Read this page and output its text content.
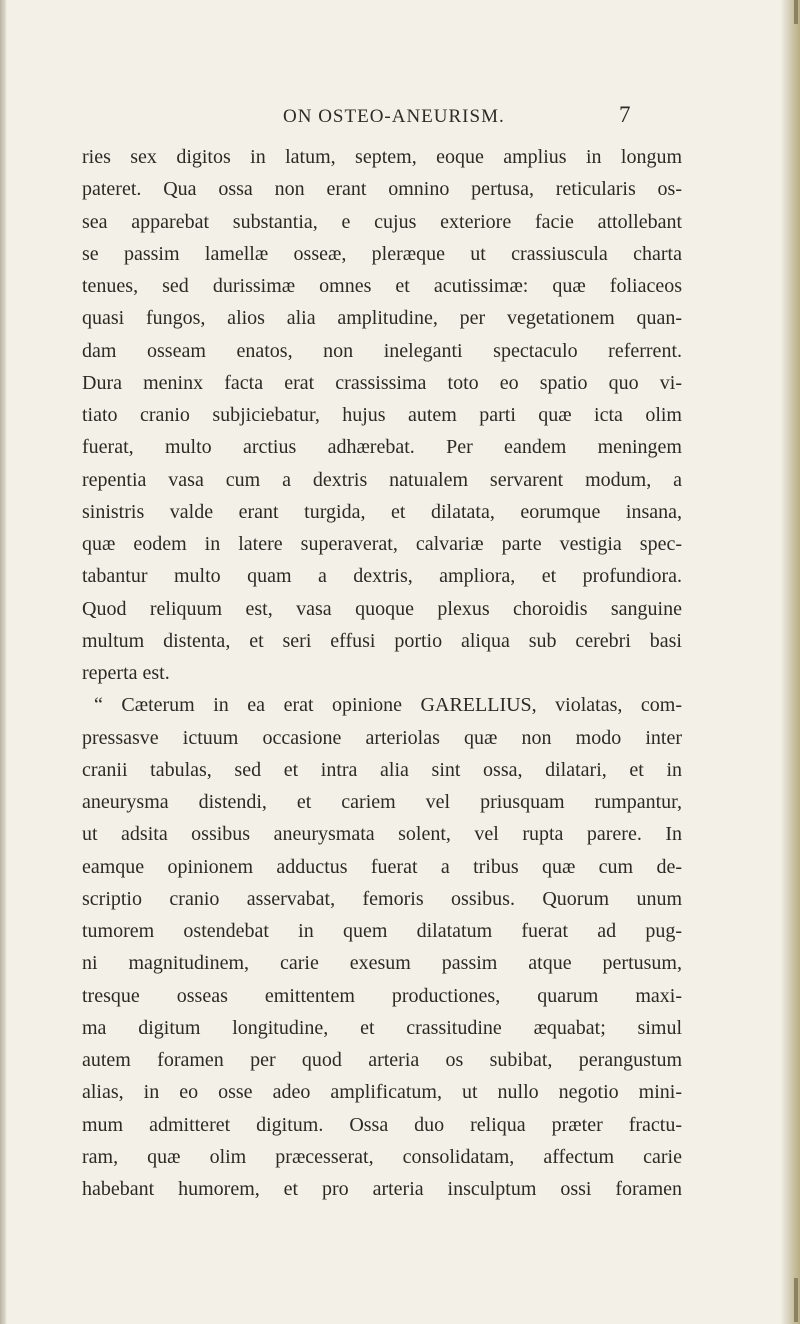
ON OSTEO-ANEURISM.	7
ries sex digitos in latum, septem, eoque amplius in longum
pateret. Qua ossa non erant omnino pertusa, reticularis os-
sea apparebat substantia, e cujus exteriore facie attollebant
se passim lamellæ osseæ, pleræque ut crassiuscula charta
tenues, sed durissimæ omnes et acutissimæ: quæ foliaceos
quasi fungos, alios alia amplitudine, per vegetationem quan-
dam osseam enatos, non ineleganti spectaculo referrent.
Dura meninx facta erat crassissima toto eo spatio quo vi-
tiato cranio subjiciebatur, hujus autem parti quæ icta olim
fuerat, multo arctius adhærebat. Per eandem meningem
repentia vasa cum a dextris natuıalem servarent modum, a
sinistris valde erant turgida, et dilatata, eorumque insana,
quæ eodem in latere superaverat, calvariæ parte vestigia spec-
tabantur multo quam a dextris, ampliora, et profundiora.
Quod reliquum est, vasa quoque plexus choroidis sanguine
multum distenta, et seri effusi portio aliqua sub cerebri basi
reperta est.
“ Cæterum in ea erat opinione GARELLIUS, violatas, com-
pressasve ictuum occasione arteriolas quæ non modo inter
cranii tabulas, sed et intra alia sint ossa, dilatari, et in
aneurysma distendi, et cariem vel priusquam rumpantur,
ut adsita ossibus aneurysmata solent, vel rupta parere. In
eamque opinionem adductus fuerat a tribus quæ cum de-
scriptio cranio asservabat, femoris ossibus. Quorum unum
tumorem ostendebat in quem dilatatum fuerat ad pug-
ni magnitudinem, carie exesum passim atque pertusum,
tresque osseas emittentem productiones, quarum maxi-
ma digitum longitudine, et crassitudine æquabat; simul
autem foramen per quod arteria os subibat, perangustum
alias, in eo osse adeo amplificatum, ut nullo negotio mini-
mum admitteret digitum. Ossa duo reliqua præter fractu-
ram, quæ olim præcesserat, consolidatam, affectum carie
habebant humorem, et pro arteria insculptum ossi foramen
